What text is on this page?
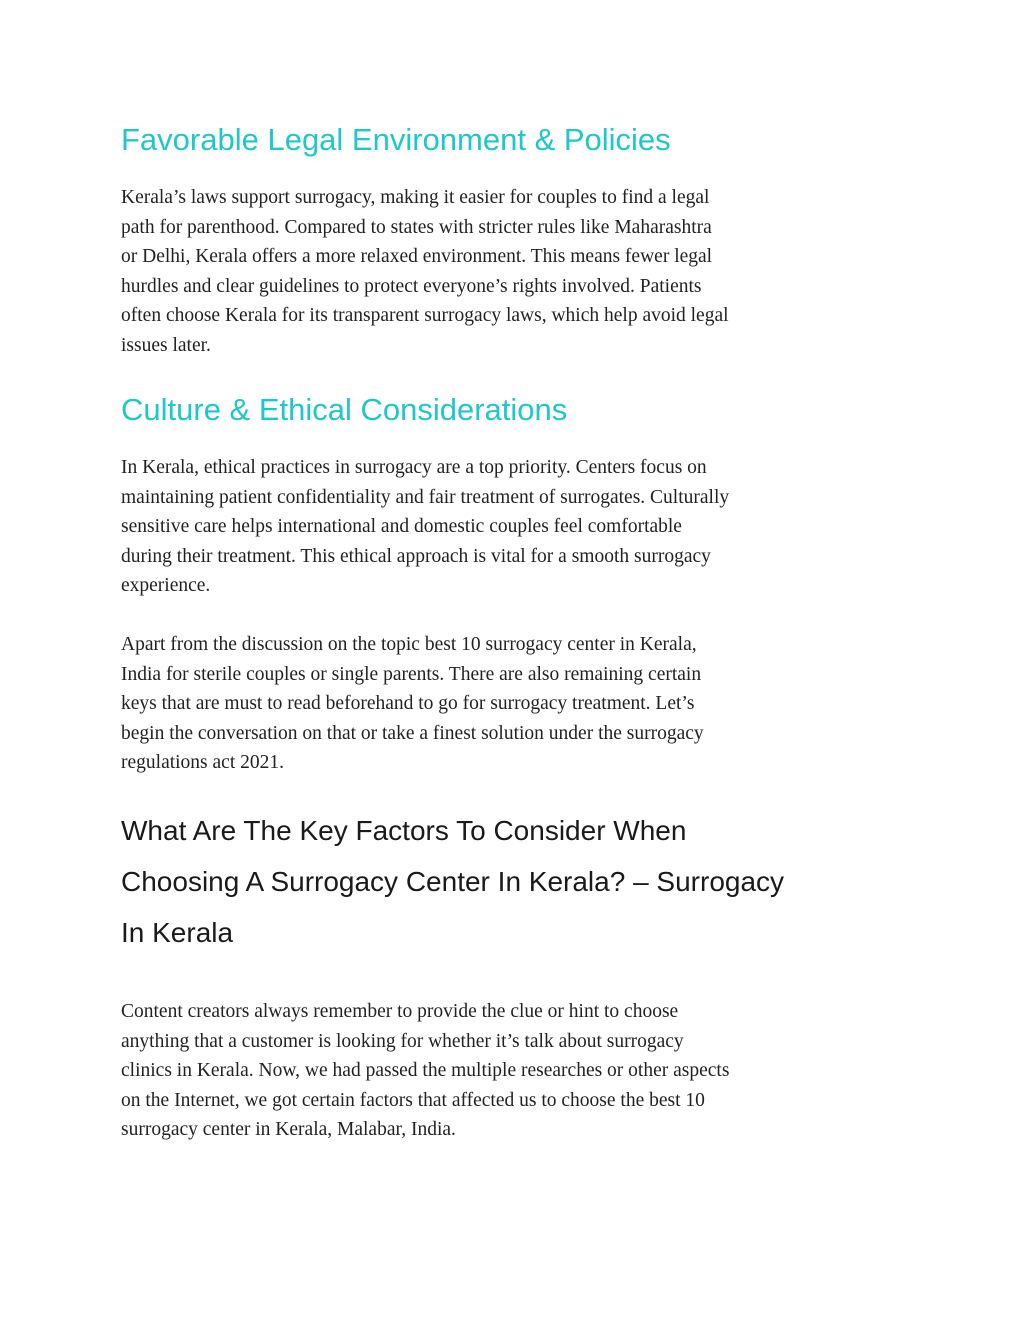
Favorable Legal Environment & Policies

Kerala’s laws support surrogacy, making it easier for couples to find a legal
path for parenthood. Compared to states with stricter rules like Maharashtra
or Delhi, Kerala offers a more relaxed environment. This means fewer legal
hurdles and clear guidelines to protect everyone’s rights involved. Patients
often choose Kerala for its transparent surrogacy laws, which help avoid legal
issues later.

Culture & Ethical Considerations

In Kerala, ethical practices in surrogacy are a top priority. Centers focus on
maintaining patient confidentiality and fair treatment of surrogates. Culturally
sensitive care helps international and domestic couples feel comfortable
during their treatment. This ethical approach is vital for a smooth surrogacy
experience.

Apart from the discussion on the topic best 10 surrogacy center in Kerala,
India for sterile couples or single parents. There are also remaining certain
keys that are must to read beforehand to go for surrogacy treatment. Let’s
begin the conversation on that or take a finest solution under the surrogacy
regulations act 2021.

What Are The Key Factors To Consider When
Choosing A Surrogacy Center In Kerala? – Surrogacy
In Kerala

Content creators always remember to provide the clue or hint to choose
anything that a customer is looking for whether it’s talk about surrogacy
clinics in Kerala. Now, we had passed the multiple researches or other aspects
on the Internet, we got certain factors that affected us to choose the best 10
surrogacy center in Kerala, Malabar, India.
